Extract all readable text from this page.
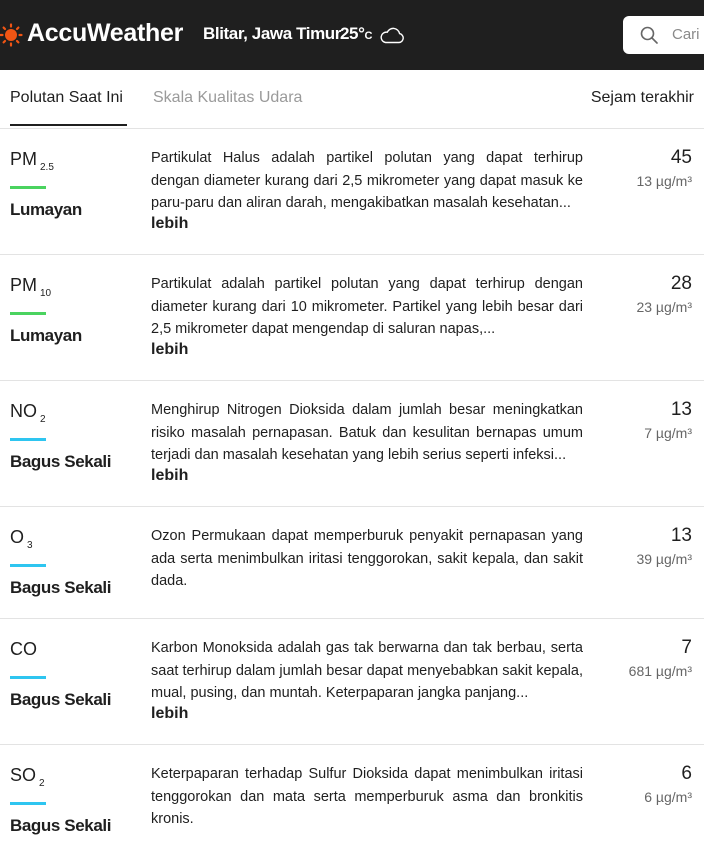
AccuWeather Blitar, Jawa Timur 25°C	Cari
Polutan Saat Ini Skala Kualitas Udara	Sejam terakhir
PM $_{2.5}$
Lumayan
Partikulat Halus adalah partikel polutan yang dapat terhirup dengan diameter kurang dari 2,5 mikrometer yang dapat masuk ke paru-paru dan aliran darah, mengakibatkan masalah kesehatan...
lebih
45
13 µg/m³
PM $_{10}$
Lumayan
Partikulat adalah partikel polutan yang dapat terhirup dengan diameter kurang dari 10 mikrometer. Partikel yang lebih besar dari 2,5 mikrometer dapat mengendap di saluran napas,...
lebih
28
23 µg/m³
NO $_2$
Bagus Sekali
Menghirup Nitrogen Dioksida dalam jumlah besar meningkatkan risiko masalah pernapasan. Batuk dan kesulitan bernapas umum terjadi dan masalah kesehatan yang lebih serius seperti infeksi...
lebih
13
7 µg/m³
O $_3$
Bagus Sekali
Ozon Permukaan dapat memperburuk penyakit pernapasan yang ada serta menimbulkan iritasi tenggorokan, sakit kepala, dan sakit dada.
13
39 µg/m³
CO
Bagus Sekali
Karbon Monoksida adalah gas tak berwarna dan tak berbau, serta saat terhirup dalam jumlah besar dapat menyebabkan sakit kepala, mual, pusing, dan muntah. Keterpaparan jangka panjang...
lebih
7
681 µg/m³
SO $_2$
Bagus Sekali
Keterpaparan terhadap Sulfur Dioksida dapat menimbulkan iritasi tenggorokan dan mata serta memperburuk asma dan bronkitis kronis.
6
6 µg/m³
